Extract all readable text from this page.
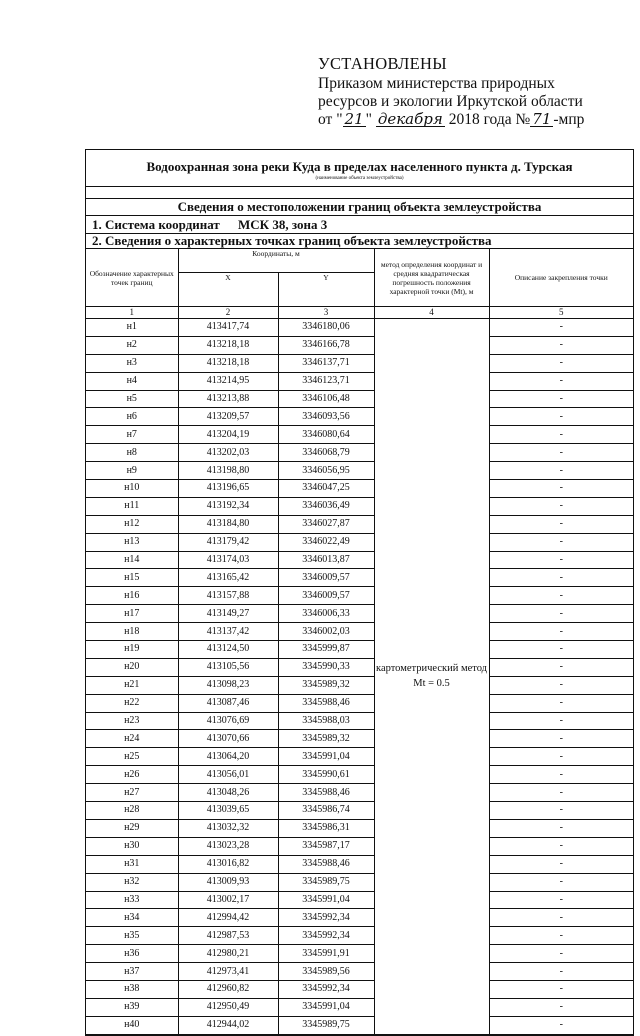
УСТАНОВЛЕНЫ
Приказом министерства природных
ресурсов и экологии Иркутской области
от " 21 " декабря 2018 года № 71 -мпр
Водоохранная зона реки Куда в пределах населенного пункта д. Турская
(наименование объекта землеустройства)
Сведения о местоположении границ объекта землеустройства
1. Система координат МСК 38, зона 3
2. Сведения о характерных точках границ объекта землеустройства
Обозначение характерных точек границ	Координаты, м		метод определения координат и средняя квадратическая погрешность положения характерной точки (Mt), м	Описание закрепления точки
	X	Y		
1	2	3	4	5
н1	413417,74	3346180,06	картометрический метод Mt = 0.5	-
н2	413218,18	3346166,78		-
н3	413218,18	3346137,71		-
н4	413214,95	3346123,71		-
н5	413213,88	3346106,48		-
н6	413209,57	3346093,56		-
н7	413204,19	3346080,64		-
н8	413202,03	3346068,79		-
н9	413198,80	3346056,95		-
н10	413196,65	3346047,25		-
н11	413192,34	3346036,49		-
н12	413184,80	3346027,87		-
н13	413179,42	3346022,49		-
н14	413174,03	3346013,87		-
н15	413165,42	3346009,57		-
н16	413157,88	3346009,57		-
н17	413149,27	3346006,33		-
н18	413137,42	3346002,03		-
н19	413124,50	3345999,87		-
н20	413105,56	3345990,33		-
н21	413098,23	3345989,32		-
н22	413087,46	3345988,46		-
н23	413076,69	3345988,03		-
н24	413070,66	3345989,32		-
н25	413064,20	3345991,04		-
н26	413056,01	3345990,61		-
н27	413048,26	3345988,46		-
н28	413039,65	3345986,74		-
н29	413032,32	3345986,31		-
н30	413023,28	3345987,17		-
н31	413016,82	3345988,46		-
н32	413009,93	3345989,75		-
н33	413002,17	3345991,04		-
н34	412994,42	3345992,34		-
н35	412987,53	3345992,34		-
н36	412980,21	3345991,91		-
н37	412973,41	3345989,56		-
н38	412960,82	3345992,34		-
н39	412950,49	3345991,04		-
н40	412944,02	3345989,75		-
